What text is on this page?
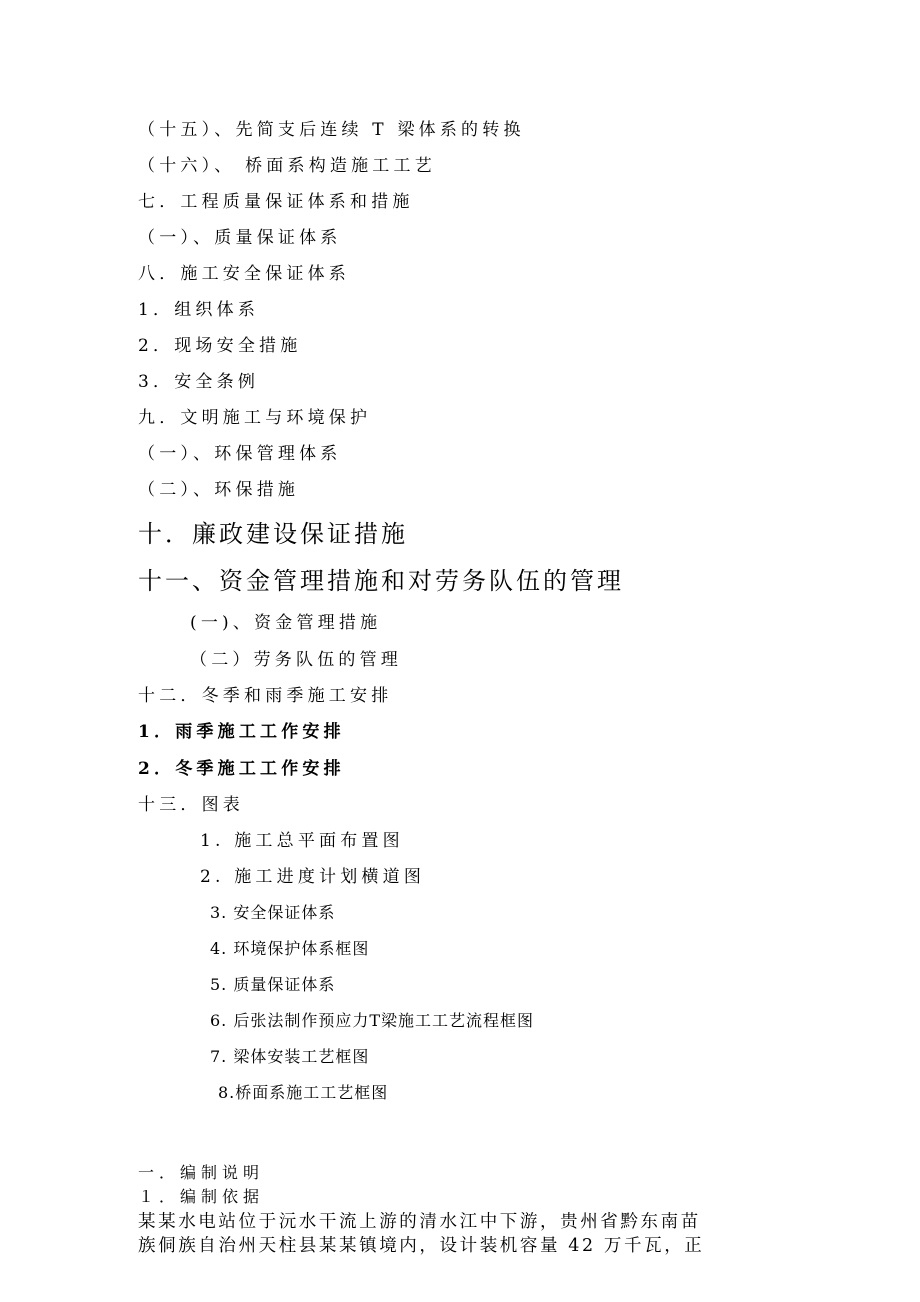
（十五）、先简支后连续 T 梁体系的转换
（十六）、 桥面系构造施工工艺
七．工程质量保证体系和措施
（一）、质量保证体系
八．施工安全保证体系
1．组织体系
2．现场安全措施
3．安全条例
九．文明施工与环境保护
（一）、环保管理体系
（二）、环保措施
十．廉政建设保证措施
十一、资金管理措施和对劳务队伍的管理
(一)、资金管理措施
（二）劳务队伍的管理
十二．冬季和雨季施工安排
1．雨季施工工作安排
2．冬季施工工作安排
十三．图表
1. 施工总平面布置图
2. 施工进度计划横道图
3. 安全保证体系
4. 环境保护体系框图
5. 质量保证体系
6. 后张法制作预应力T梁施工工艺流程框图
7. 梁体安装工艺框图
8.桥面系施工工艺框图
一．编制说明
１．编制依据
某某水电站位于沅水干流上游的清水江中下游，贵州省黔东南苗
族侗族自治州天柱县某某镇境内，设计装机容量 42 万千瓦，正
